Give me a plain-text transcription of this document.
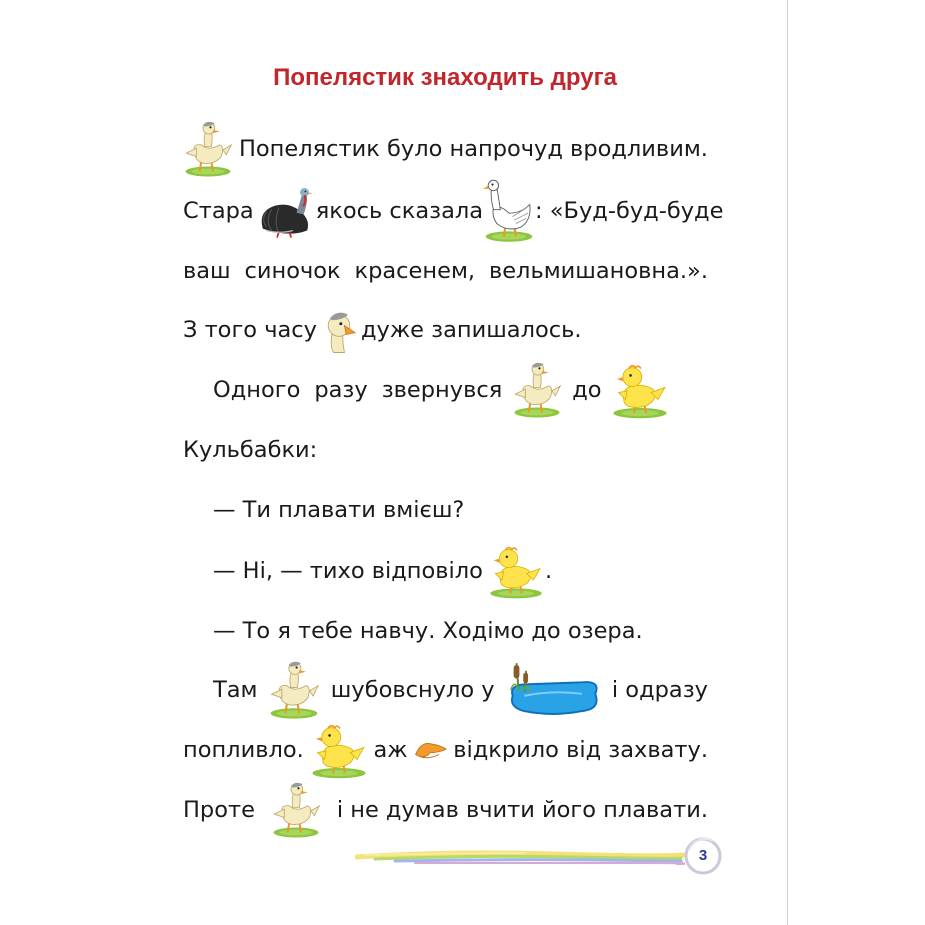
Попелястик знаходить друга
Попелястик було напрочуд вродливим.
Стара	якось сказала : «Буд-буд-буде
ваш синочок красенем, вельмишановна.».
З того часу дуже запишалось.
Одного разу звернувся	до
Кульбабки:
— Ти плавати вмієш?
— Ні, — тихо відповіло	.
— То я тебе навчу. Ходімо до озера.
Там	шубовснуло у	і одразу
попливло.	аж відкрило від захвату.
Проте	і не думав вчити його плавати.
3
